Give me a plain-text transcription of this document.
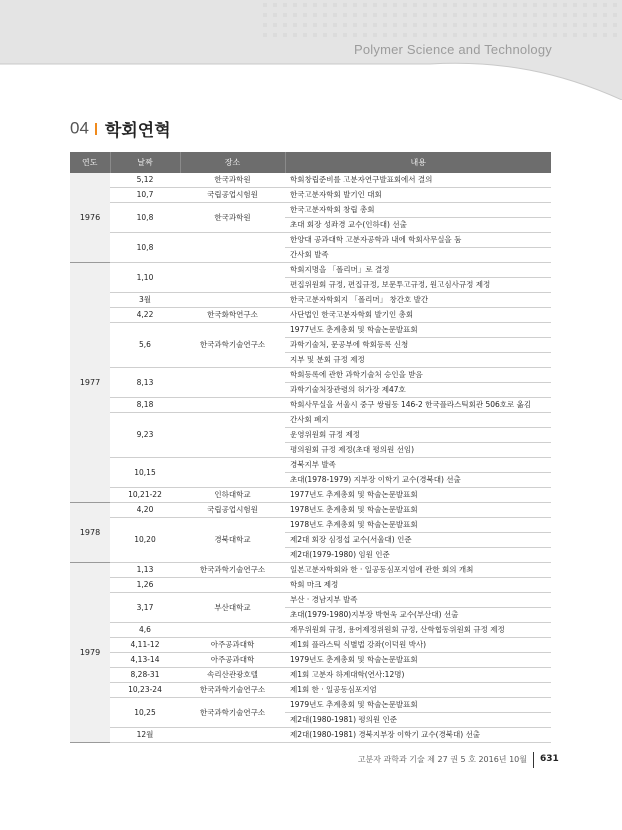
Polymer Science and Technology
04 학회연혁
연도	날짜	장소	내용
1976	5,12	한국과학원	학회창립준비를 고분자연구발표회에서 결의
	10,7	국립공업시험원	한국고분자학회 발기인 대회
	10,8	한국과학원	한국고분자학회 창립 총회
			초대 회장 성좌경 교수(인하대) 선출
	10,8		한양대 공과대학 고분자공학과 내에 학회사무실을 둠
			간사회 발족
1977	1,10		학회지명을 「폴리머」로 결정
			편집위원회 규정, 편집규정, 보문투고규정, 원고심사규정 제정
	3월		한국고분자학회지 「폴리머」 창간호 발간
	4,22	한국화학연구소	사단법인 한국고분자학회 발기인 총회
	5,6	한국과학기술연구소	1977년도 춘계총회 및 학술논문발표회
			과학기술처, 문공부에 학회등록 신청
			지부 및 분회 규정 제정
	8,13		학회등록에 관한 과학기술처 승인을 받음
			과학기술처장관령의 허가장 제47호
	8,18		학회사무실을 서울시 중구 쌍림동 146-2 한국플라스틱회관 506호로 옮김
	9,23		간사회 폐지
			운영위원회 규정 제정
			평의원회 규정 제정(초대 평의원 선임)
	10,15		경북지부 발족
			초대(1978-1979) 지부장 이학기 교수(경북대) 선출
	10,21-22	인하대학교	1977년도 추계총회 및 학술논문발표회
1978	4,20	국립공업시험원	1978년도 춘계총회 및 학술논문발표회
	10,20	경북대학교	1978년도 추계총회 및 학술논문발표회
			제2대 회장 심정섭 교수(서울대) 인준
			제2대(1979-1980) 임원 인준
1979	1,13	한국과학기술연구소	일본고분자학회와 한 · 일공동심포지엄에 관한 회의 개최
	1,26		학회 마크 제정
	3,17	부산대학교	부산 · 경남지부 발족
			초대(1979-1980)지부장 박현욱 교수(부산대) 선출
	4,6		재무위원회 규정, 용어제정위원회 규정, 산학협동위원회 규정 제정
	4,11-12	아주공과대학	제1회 플라스틱 식별법 강좌(이덕원 박사)
	4,13-14	아주공과대학	1979년도 춘계총회 및 학술논문발표회
	8,28-31	속리산관광호텔	제1회 고분자 하계대학(연사:12명)
	10,23-24	한국과학기술연구소	제1회 한 · 일공동심포지엄
	10,25	한국과학기술연구소	1979년도 추계총회 및 학술논문발표회
			제2대(1980-1981) 평의원 인준
	12월		제2대(1980-1981) 경북지부장 이학기 교수(경북대) 선출
고분자 과학과 기술 제 27 권 5 호 2016년 10월 631
